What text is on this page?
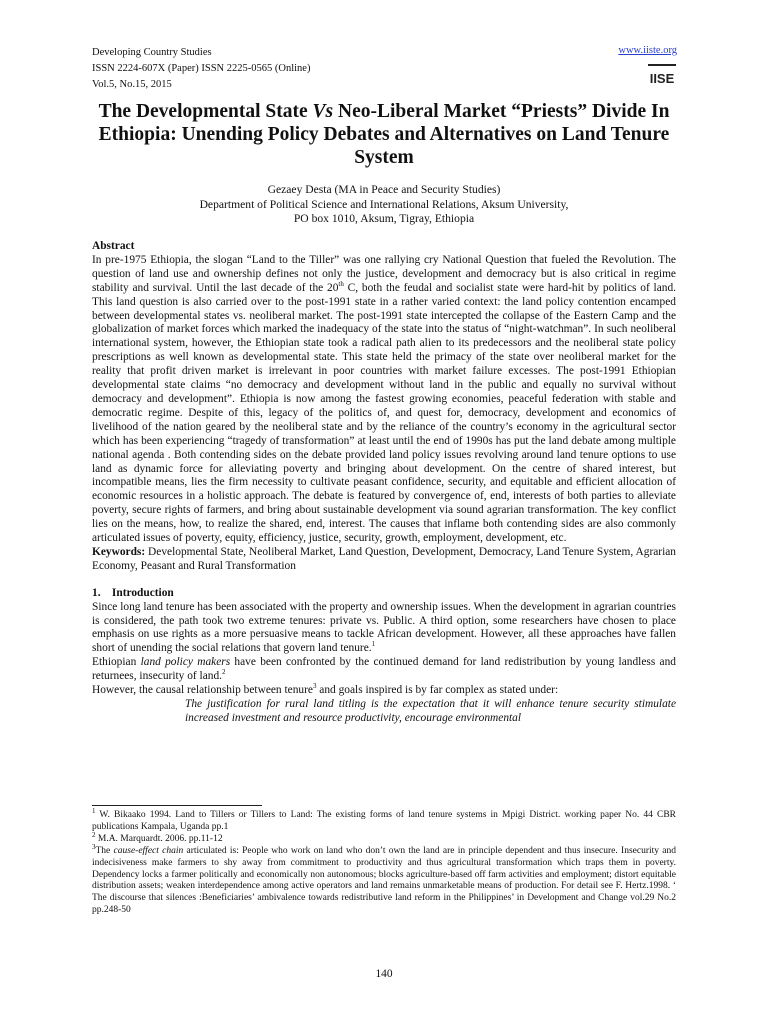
Developing Country Studies
ISSN 2224-607X (Paper) ISSN 2225-0565 (Online)
Vol.5, No.15, 2015
www.iiste.org
IISE
The Developmental State Vs Neo-Liberal Market “Priests” Divide In Ethiopia: Unending Policy Debates and Alternatives on Land Tenure System
Gezaey Desta (MA in Peace and Security Studies)
Department of Political Science and International Relations, Aksum University,
PO box 1010, Aksum, Tigray, Ethiopia

Abstract

In pre-1975 Ethiopia, the slogan “Land to the Tiller” was one rallying cry National Question that fueled the Revolution. The question of land use and ownership defines not only the justice, development and democracy but is also critical in regime stability and survival. Until the last decade of the 20th C, both the feudal and socialist state were hard-hit by politics of land. This land question is also carried over to the post-1991 state in a rather varied context: the land policy contention encamped between developmental states vs. neoliberal market. The post-1991 state intercepted the collapse of the Eastern Camp and the globalization of market forces which marked the inadequacy of the state into the status of “night-watchman”. In such neoliberal international system, however, the Ethiopian state took a radical path alien to its predecessors and the neoliberal state policy prescriptions as well known as developmental state. This state held the primacy of the state over neoliberal market for the reality that profit driven market is irrelevant in poor countries with market failure excesses. The post-1991 Ethiopian developmental state claims “no democracy and development without land in the public and equally no survival without democracy and development”. Ethiopia is now among the fastest growing economies, peaceful federation with stable and democratic regime. Despite of this, legacy of the politics of, and quest for, democracy, development and economics of livelihood of the nation geared by the neoliberal state and by the reliance of the country’s economy in the agricultural sector which has been experiencing “tragedy of transformation” at least until the end of 1990s has put the land debate among multiple national agenda . Both contending sides on the debate provided land policy issues revolving around land tenure options to use land as dynamic force for alleviating poverty and bringing about development. On the centre of shared interest, but incompatible means, lies the firm necessity to cultivate peasant confidence, security, and equitable and efficient allocation of economic resources in a holistic approach. The debate is featured by convergence of, end, interests of both parties to alleviate poverty, secure rights of farmers, and bring about sustainable development via sound agrarian transformation. The key conflict lies on the means, how, to realize the shared, end, interest. The causes that inflame both contending sides are also commonly articulated issues of poverty, equity, efficiency, justice, security, growth, employment, development, etc.

Keywords: Developmental State, Neoliberal Market, Land Question, Development, Democracy, Land Tenure System, Agrarian Economy, Peasant and Rural Transformation

1. Introduction

Since long land tenure has been associated with the property and ownership issues. When the development in agrarian countries is considered, the path took two extreme tenures: private vs. Public. A third option, some researchers have chosen to place emphasis on use rights as a more persuasive means to tackle African development. However, all these approaches have fallen short of unending the social relations that govern land tenure.$^1$

Ethiopian land policy makers have been confronted by the continued demand for land redistribution by young landless and returnees, insecurity of land.$^2$

However, the causal relationship between tenure$^3$ and goals inspired is by far complex as stated under:

The justification for rural land titling is the expectation that it will enhance tenure security stimulate increased investment and resource productivity, encourage environmental

$^1$ W. Bikaako 1994. Land to Tillers or Tillers to Land: The existing forms of land tenure systems in Mpigi District. working paper No. 44 CBR publications Kampala, Uganda pp.1

$^2$ M.A. Marquardt. 2006. pp.11-12

$^3$The cause-effect chain articulated is: People who work on land who don’t own the land are in principle dependent and thus insecure. Insecurity and indecisiveness make farmers to shy away from commitment to productivity and thus agricultural transformation which traps them in poverty. Dependency locks a farmer politically and economically non autonomous; blocks agriculture-based off farm activities and employment; distort equitable distribution assets; weaken interdependence among active operators and land remains unmarketable means of production. For detail see F. Hertz.1998. ‘ The discourse that silences :Beneficiaries’ ambivalence towards redistributive land reform in the Philippines’ in Development and Change vol.29 No.2 pp.248-50

140
